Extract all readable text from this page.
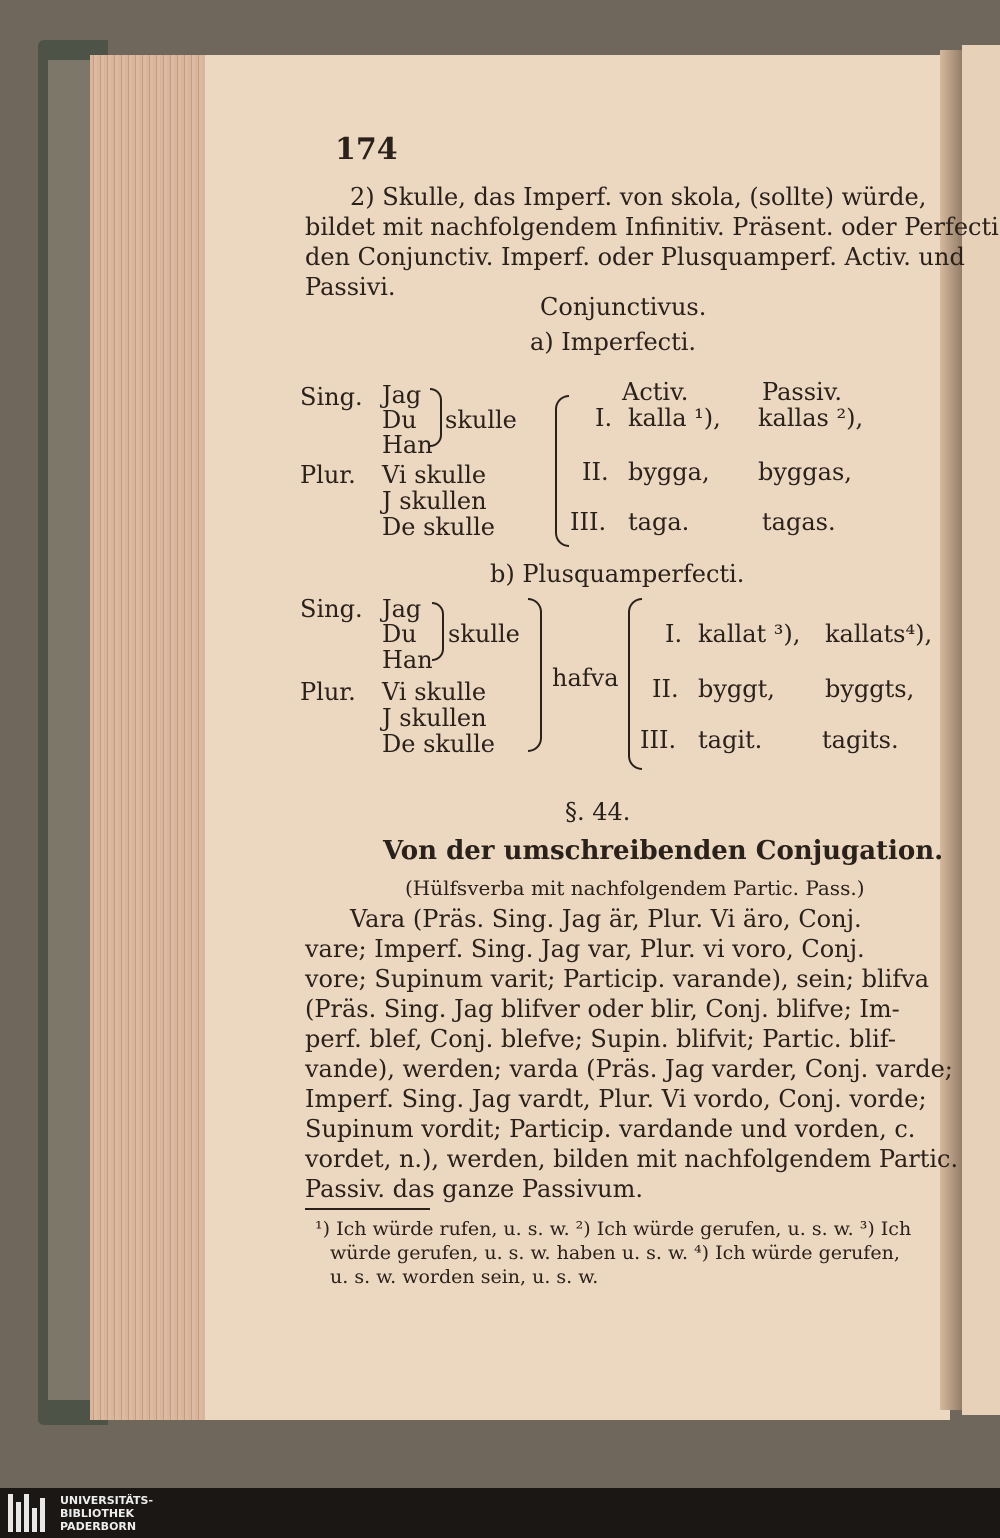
174
2) Skulle, das Imperf. von skola, (sollte) würde,
bildet mit nachfolgendem Infinitiv. Präsent. oder Perfecti
den Conjunctiv. Imperf. oder Plusquamperf. Activ. und
Passivi.
Conjunctivus.
a) Imperfecti.
Sing. Jag
Du
Han
skulle
Plur. Vi skulle
J skullen
De skulle
Activ.	Passiv.
I. kalla ¹), kallas ²),
II. bygga, byggas,
III. taga.	tagas.
b) Plusquamperfecti.
Sing. Jag
Du
Han
skulle
Plur. Vi skulle
J skullen
De skulle
hafva
I. kallat ³), kallats⁴),
II. byggt, byggts,
III. tagit. tagits.
§. 44.
Von der umschreibenden Conjugation.
(Hülfsverba mit nachfolgendem Partic. Pass.)
Vara (Präs. Sing. Jag är, Plur. Vi äro, Conj.
vare; Imperf. Sing. Jag var, Plur. vi voro, Conj.
vore; Supinum varit; Particip. varande), sein; blifva
(Präs. Sing. Jag blifver oder blir, Conj. blifve; Im-
perf. blef, Conj. blefve; Supin. blifvit; Partic. blif-
vande), werden; varda (Präs. Jag varder, Conj. varde;
Imperf. Sing. Jag vardt, Plur. Vi vordo, Conj. vorde;
Supinum vordit; Particip. vardande und vorden, c.
vordet, n.), werden, bilden mit nachfolgendem Partic.
Passiv. das ganze Passivum.
¹) Ich würde rufen, u. s. w. ²) Ich würde gerufen, u. s. w. ³) Ich
würde gerufen, u. s. w. haben u. s. w. ⁴) Ich würde gerufen,
u. s. w. worden sein, u. s. w.
UNIVERSITÄTS-
BIBLIOTHEK
PADERBORN
